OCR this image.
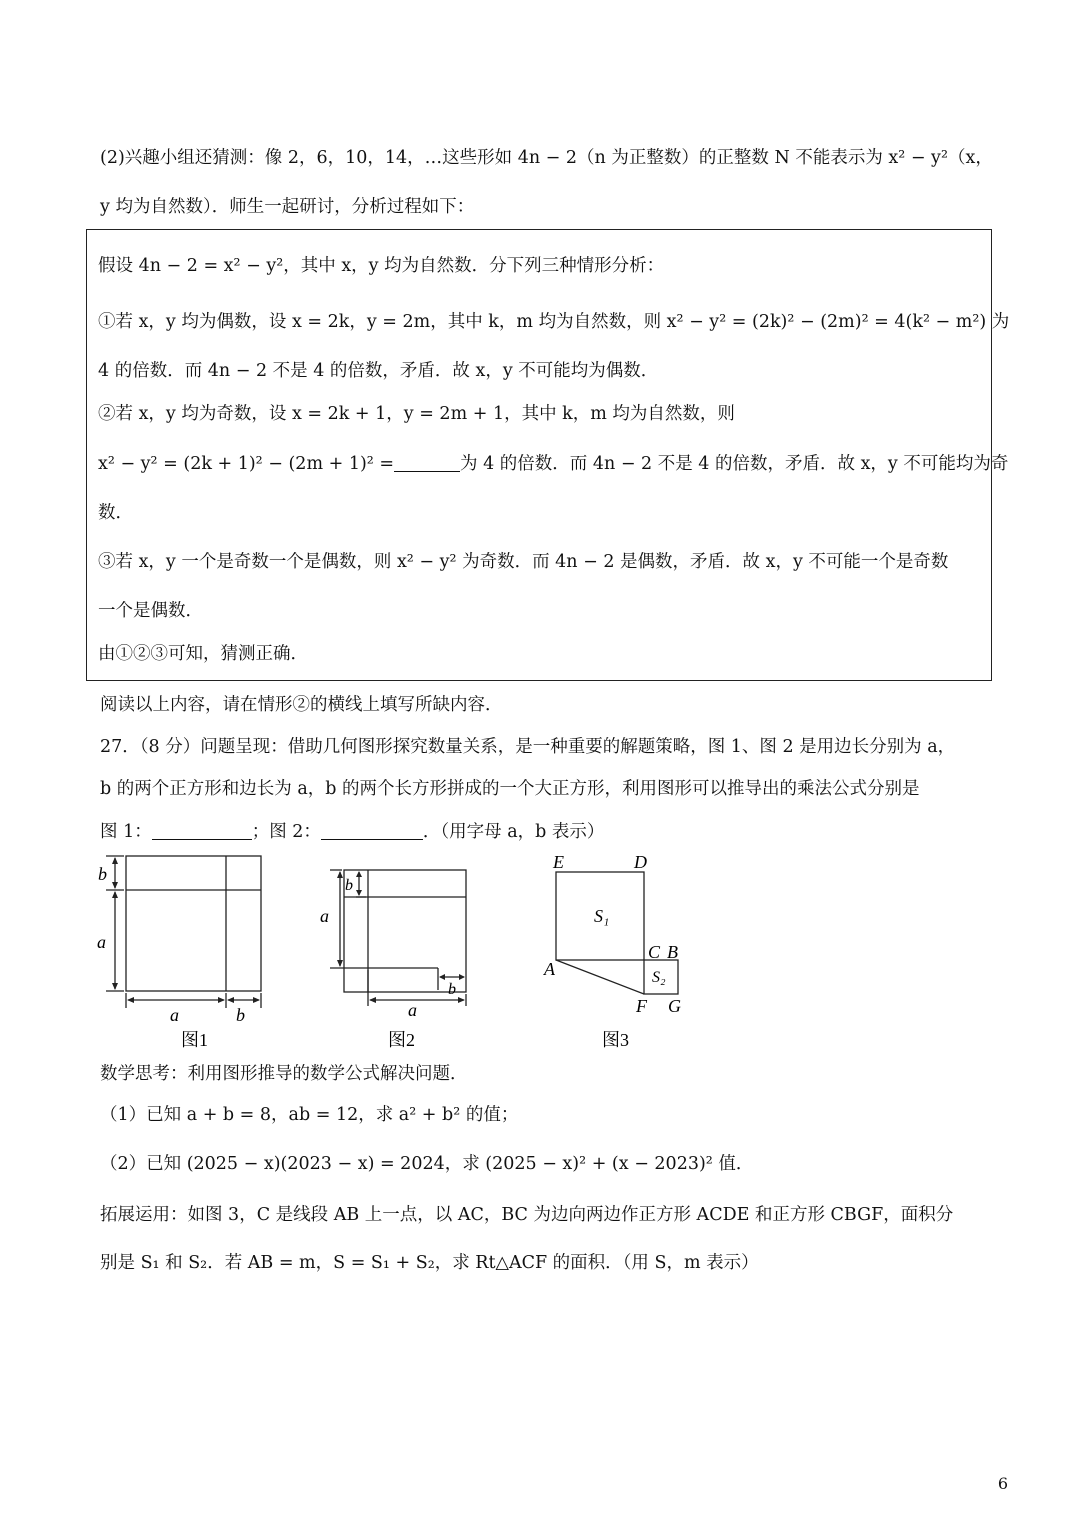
(2)兴趣小组还猜测：像 2，6，10，14，…这些形如 4n − 2（n 为正整数）的正整数 N 不能表示为 x² − y²（x，
y 均为自然数）．师生一起研讨，分析过程如下：
假设 4n − 2 = x² − y²，其中 x，y 均为自然数．分下列三种情形分析：
①若 x，y 均为偶数，设 x = 2k，y = 2m，其中 k，m 均为自然数，则 x² − y² = (2k)² − (2m)² = 4(k² − m²) 为
4 的倍数．而 4n − 2 不是 4 的倍数，矛盾．故 x，y 不可能均为偶数．
②若 x，y 均为奇数，设 x = 2k + 1，y = 2m + 1，其中 k，m 均为自然数，则
x² − y² = (2k + 1)² − (2m + 1)² =	为 4 的倍数．而 4n − 2 不是 4 的倍数，矛盾．故 x，y 不可能均为奇
数．
③若 x，y 一个是奇数一个是偶数，则 x² − y² 为奇数．而 4n − 2 是偶数，矛盾．故 x，y 不可能一个是奇数
一个是偶数．
由①②③可知，猜测正确．
阅读以上内容，请在情形②的横线上填写所缺内容．
27．（8 分）问题呈现：借助几何图形探究数量关系，是一种重要的解题策略，图 1、图 2 是用边长分别为 a，
b 的两个正方形和边长为 a，b 的两个长方形拼成的一个大正方形，利用图形可以推导出的乘法公式分别是
图 1：	；图 2：	．（用字母 a，b 表示）
b
a
a	b
图1
a
b
a
b
图2
E	D
C B
A
F G
S₁
S₂
图3
数学思考：利用图形推导的数学公式解决问题．
（1）已知 a + b = 8，ab = 12，求 a² + b² 的值；
（2）已知 (2025 − x)(2023 − x) = 2024，求 (2025 − x)² + (x − 2023)² 值．
拓展运用：如图 3，C 是线段 AB 上一点，以 AC，BC 为边向两边作正方形 ACDE 和正方形 CBGF，面积分
别是 S₁ 和 S₂．若 AB = m，S = S₁ + S₂，求 Rt△ACF 的面积．（用 S，m 表示）
6
